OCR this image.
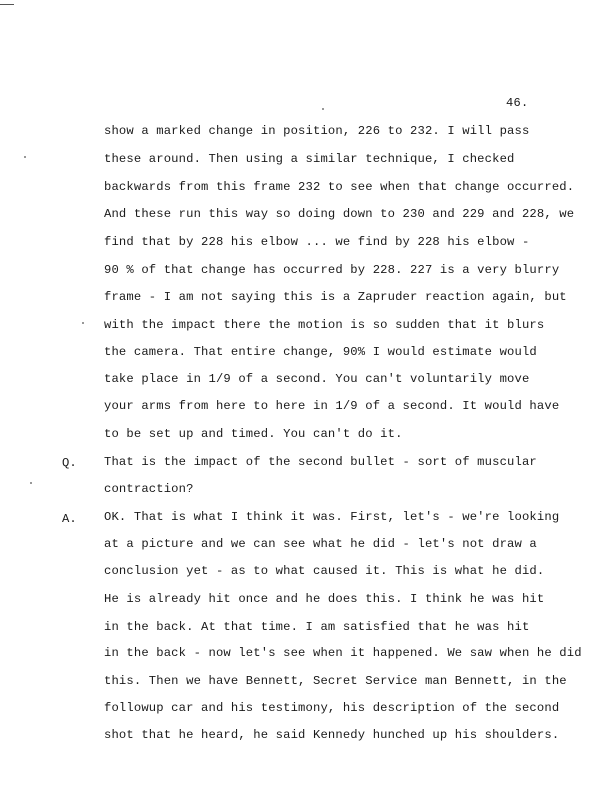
46.
show a marked change in position, 226 to 232. I will pass
these around. Then using a similar technique, I checked
backwards from this frame 232 to see when that change occurred.
And these run this way so doing down to 230 and 229 and 228, we
find that by 228 his elbow ... we find by 228 his elbow -
90 % of that change has occurred by 228. 227 is a very blurry
frame - I am not saying this is a Zapruder reaction again, but
with the impact there the motion is so sudden that it blurs
the camera. That entire change, 90% I would estimate would
take place in 1/9 of a second. You can't voluntarily move
your arms from here to here in 1/9 of a second. It would have
to be set up and timed. You can't do it.
Q. That is the impact of the second bullet - sort of muscular
contraction?
A. OK. That is what I think it was. First, let's - we're looking
at a picture and we can see what he did - let's not draw a
conclusion yet - as to what caused it. This is what he did.
He is already hit once and he does this. I think he was hit
in the back. At that time. I am satisfied that he was hit
in the back - now let's see when it happened. We saw when he did
this. Then we have Bennett, Secret Service man Bennett, in the
followup car and his testimony, his description of the second
shot that he heard, he said Kennedy hunched up his shoulders.
